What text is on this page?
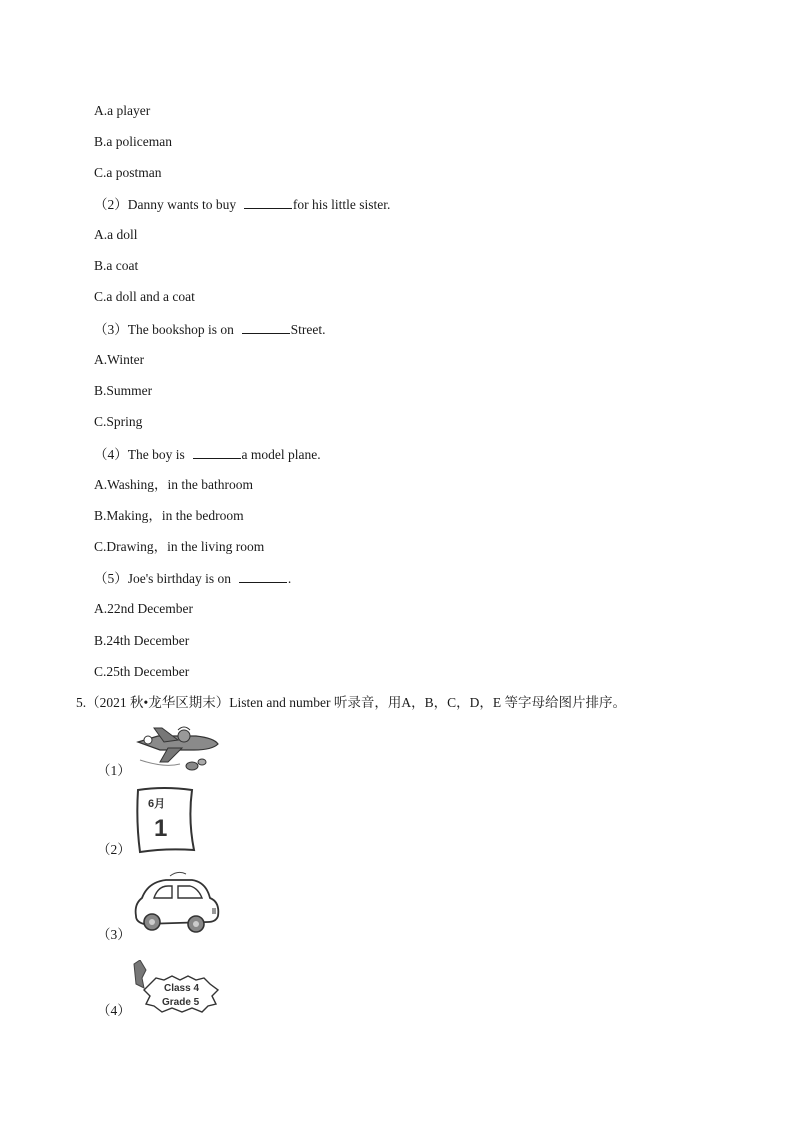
A.a player
B.a policeman
C.a postman
（2）Danny wants to buy	for his little sister.
A.a doll
B.a coat
C.a doll and a coat
（3）The bookshop is on	Street.
A.Winter
B.Summer
C.Spring
（4）The boy is	a model plane.
A.Washing，in the bathroom
B.Making，in the bedroom
C.Drawing，in the living room
（5）Joe's birthday is on	.
A.22nd December
B.24th December
C.25th December
5.（2021 秋•龙华区期末）Listen and number 听录音，用A，B，C，D，E 等字母给图片排序。
（1）
6月
1
（2）
（3）
Class 4
Grade 5
（4）
